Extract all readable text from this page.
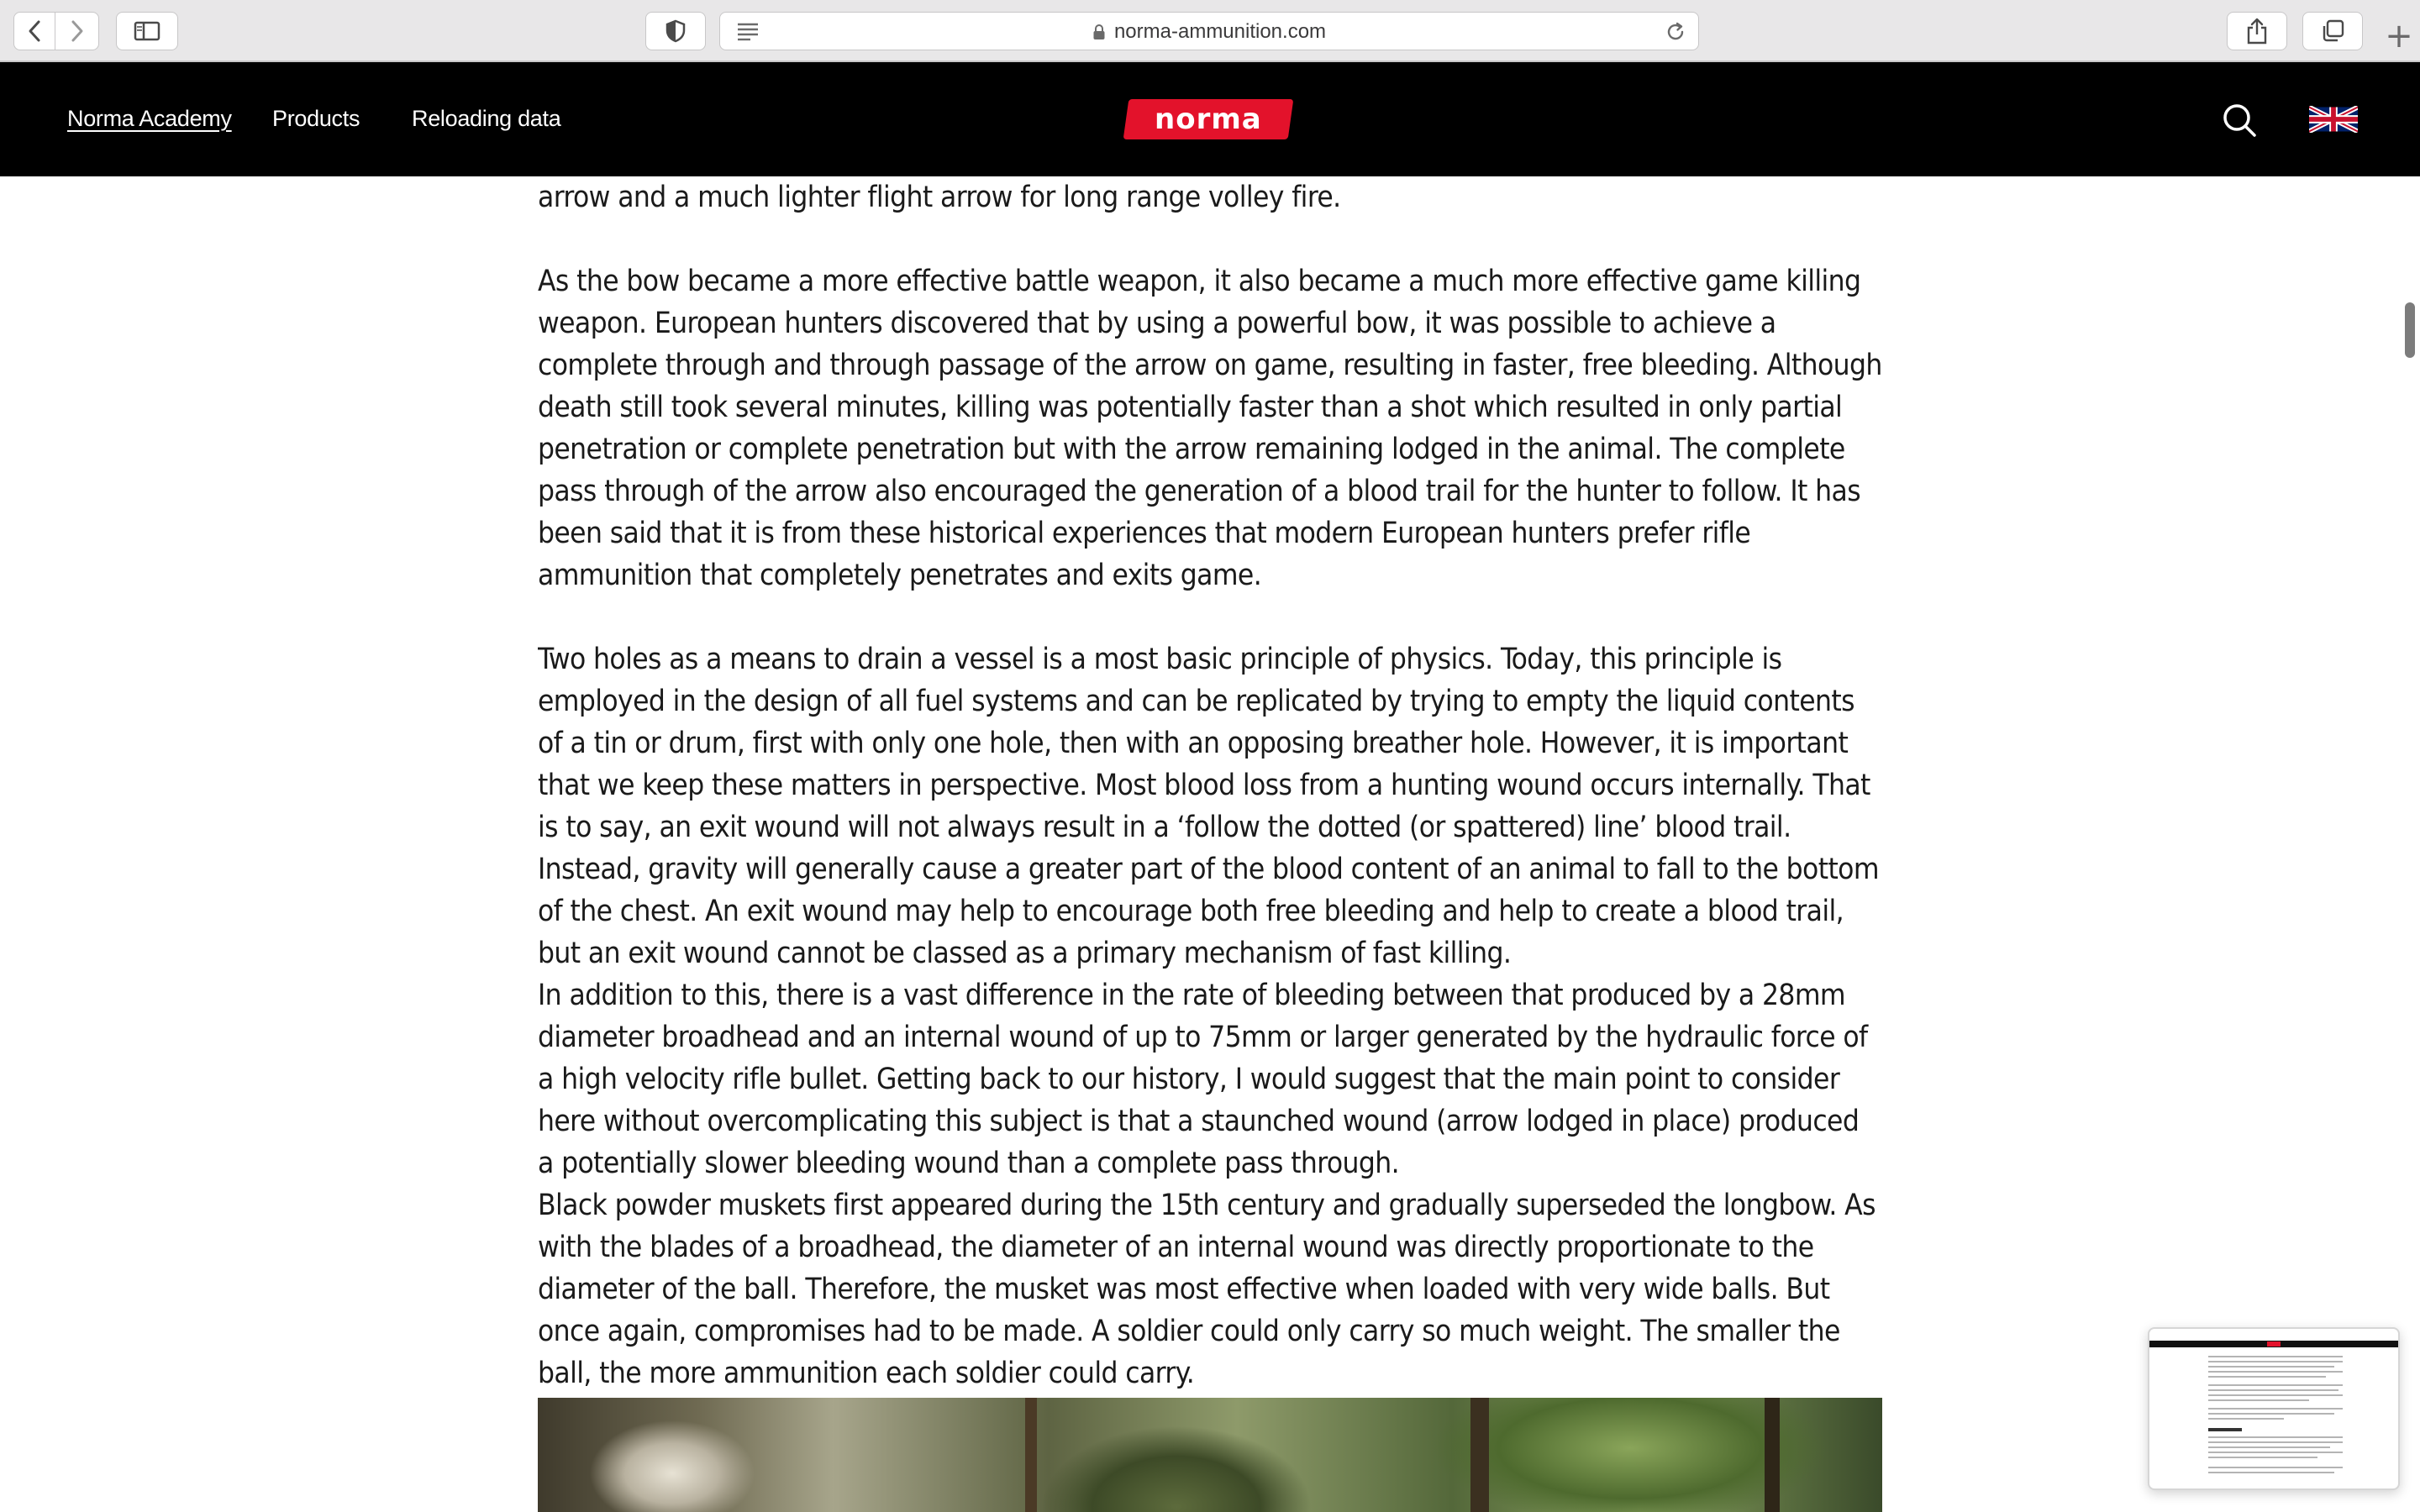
norma-ammunition.com	+
Norma Academy Products Reloading data	norma

arrow and a much lighter flight arrow for long range volley fire.

As the bow became a more effective battle weapon, it also became a much more effective game killing weapon. European hunters discovered that by using a powerful bow, it was possible to achieve a complete through and through passage of the arrow on game, resulting in faster, free bleeding. Although death still took several minutes, killing was potentially faster than a shot which resulted in only partial penetration or complete penetration but with the arrow remaining lodged in the animal. The complete pass through of the arrow also encouraged the generation of a blood trail for the hunter to follow. It has been said that it is from these historical experiences that modern European hunters prefer rifle ammunition that completely penetrates and exits game.

Two holes as a means to drain a vessel is a most basic principle of physics. Today, this principle is employed in the design of all fuel systems and can be replicated by trying to empty the liquid contents of a tin or drum, first with only one hole, then with an opposing breather hole. However, it is important that we keep these matters in perspective. Most blood loss from a hunting wound occurs internally. That is to say, an exit wound will not always result in a ‘follow the dotted (or spattered) line’ blood trail. Instead, gravity will generally cause a greater part of the blood content of an animal to fall to the bottom of the chest. An exit wound may help to encourage both free bleeding and help to create a blood trail, but an exit wound cannot be classed as a primary mechanism of fast killing.

In addition to this, there is a vast difference in the rate of bleeding between that produced by a 28mm diameter broadhead and an internal wound of up to 75mm or larger generated by the hydraulic force of a high velocity rifle bullet. Getting back to our history, I would suggest that the main point to consider here without overcomplicating this subject is that a staunched wound (arrow lodged in place) produced a potentially slower bleeding wound than a complete pass through.

Black powder muskets first appeared during the 15th century and gradually superseded the longbow. As with the blades of a broadhead, the diameter of an internal wound was directly proportionate to the diameter of the ball. Therefore, the musket was most effective when loaded with very wide balls. But once again, compromises had to be made. A soldier could only carry so much weight. The smaller the ball, the more ammunition each soldier could carry.
